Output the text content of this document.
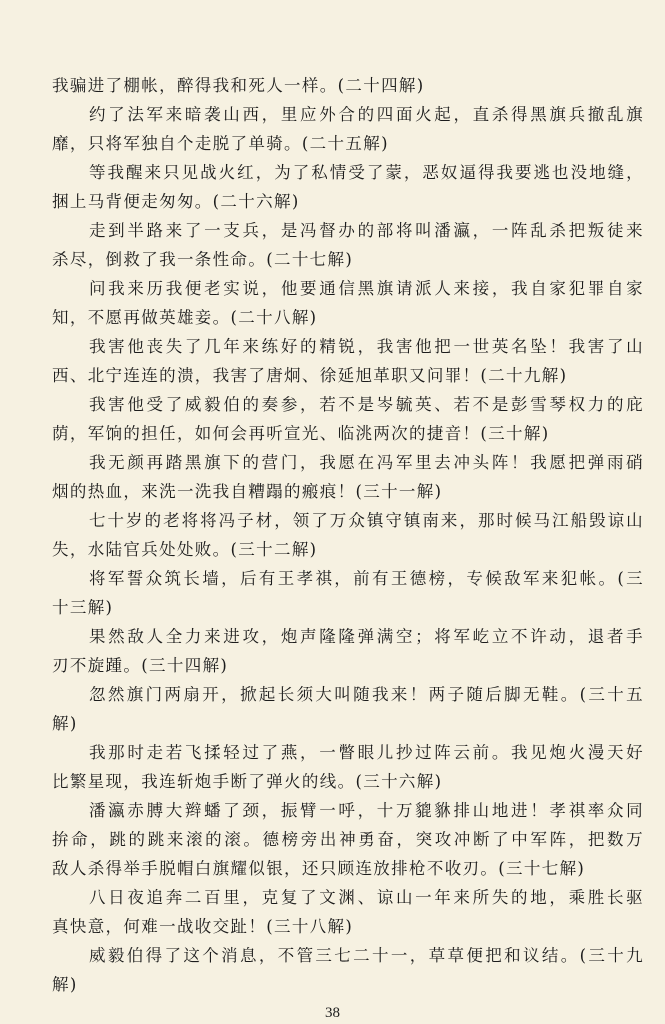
我骗进了棚帐，醉得我和死人一样。(二十四解)
约了法军来暗袭山西，里应外合的四面火起，直杀得黑旗兵撤乱旗
靡，只将军独自个走脱了单骑。(二十五解)
等我醒来只见战火红，为了私情受了蒙，恶奴逼得我要逃也没地缝，
捆上马背便走匆匆。(二十六解)
走到半路来了一支兵，是冯督办的部将叫潘瀛，一阵乱杀把叛徒来
杀尽，倒救了我一条性命。(二十七解)
问我来历我便老实说，他要通信黑旗请派人来接，我自家犯罪自家
知，不愿再做英雄妾。(二十八解)
我害他丧失了几年来练好的精锐，我害他把一世英名坠！我害了山
西、北宁连连的溃，我害了唐炯、徐延旭革职又问罪！(二十九解)
我害他受了威毅伯的奏参，若不是岑毓英、若不是彭雪琴权力的庇
荫，军饷的担任，如何会再听宣光、临洮两次的捷音！(三十解)
我无颜再踏黑旗下的营门，我愿在冯军里去冲头阵！我愿把弹雨硝
烟的热血，来洗一洗我自糟蹋的瘢痕！(三十一解)
七十岁的老将将冯子材，领了万众镇守镇南来，那时候马江船毁谅山
失，水陆官兵处处败。(三十二解)
将军誓众筑长墙，后有王孝祺，前有王德榜，专候敌军来犯帐。(三
十三解)
果然敌人全力来进攻，炮声隆隆弹满空；将军屹立不许动，退者手
刃不旋踵。(三十四解)
忽然旗门两扇开，掀起长须大叫随我来！两子随后脚无鞋。(三十五
解)
我那时走若飞揉轻过了燕，一瞥眼儿抄过阵云前。我见炮火漫天好
比繁星现，我连斩炮手断了弹火的线。(三十六解)
潘瀛赤膊大辫蟠了颈，振臂一呼，十万貔貅排山地进！孝祺率众同
拚命，跳的跳来滚的滚。德榜旁出神勇奋，突攻冲断了中军阵，把数万
敌人杀得举手脱帽白旗耀似银，还只顾连放排枪不收刃。(三十七解)
八日夜追奔二百里，克复了文渊、谅山一年来所失的地，乘胜长驱
真快意，何难一战收交趾！(三十八解)
威毅伯得了这个消息，不管三七二十一，草草便把和议结。(三十九
解)
38
